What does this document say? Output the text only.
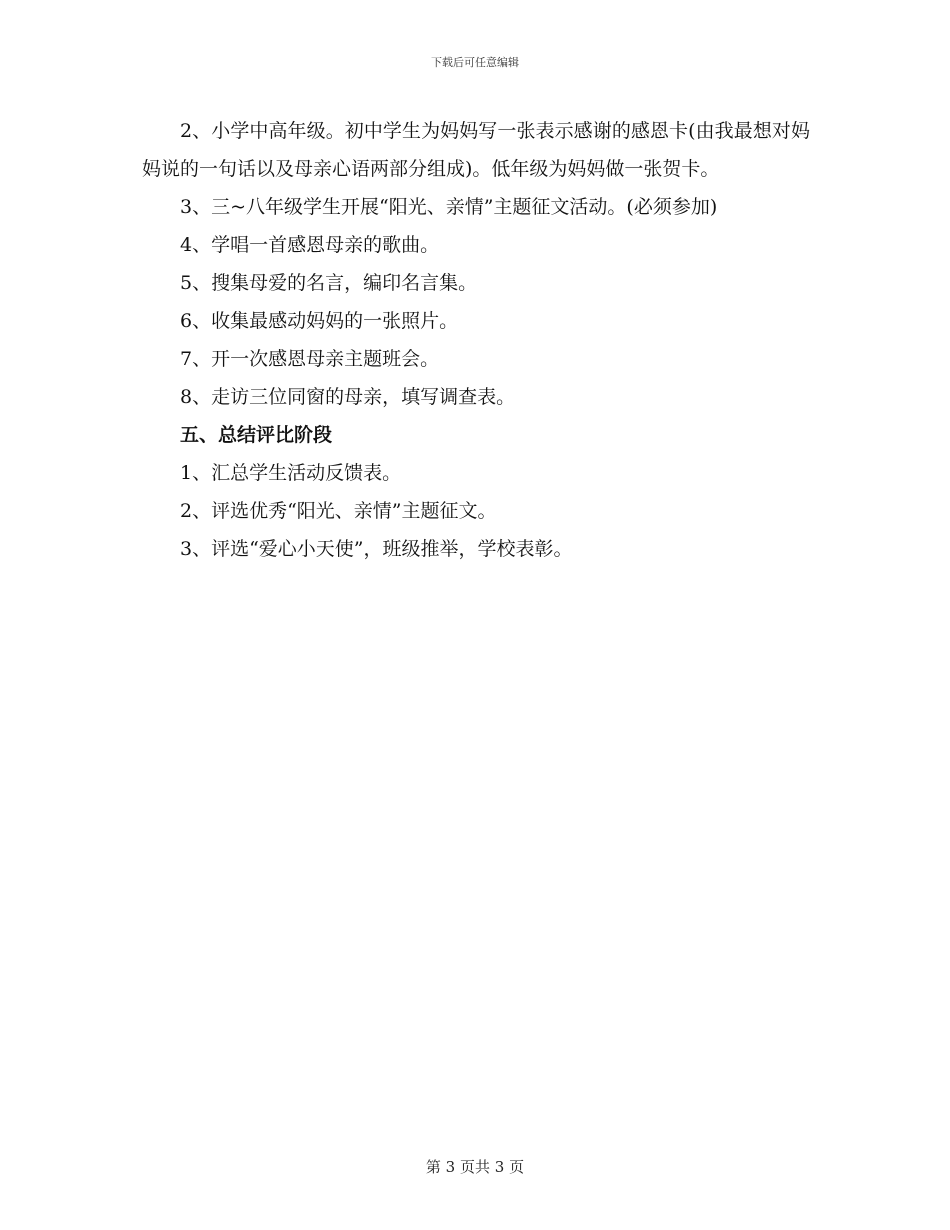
下载后可任意编辑

2、小学中高年级。初中学生为妈妈写一张表示感谢的感恩卡(由我最想对妈妈说的一句话以及母亲心语两部分组成)。低年级为妈妈做一张贺卡。

3、三~八年级学生开展“阳光、亲情”主题征文活动。(必须参加)

4、学唱一首感恩母亲的歌曲。

5、搜集母爱的名言，编印名言集。

6、收集最感动妈妈的一张照片。

7、开一次感恩母亲主题班会。

8、走访三位同窗的母亲，填写调查表。

五、总结评比阶段

1、汇总学生活动反馈表。

2、评选优秀“阳光、亲情”主题征文。

3、评选“爱心小天使”，班级推举，学校表彰。

第 3 页共 3 页
